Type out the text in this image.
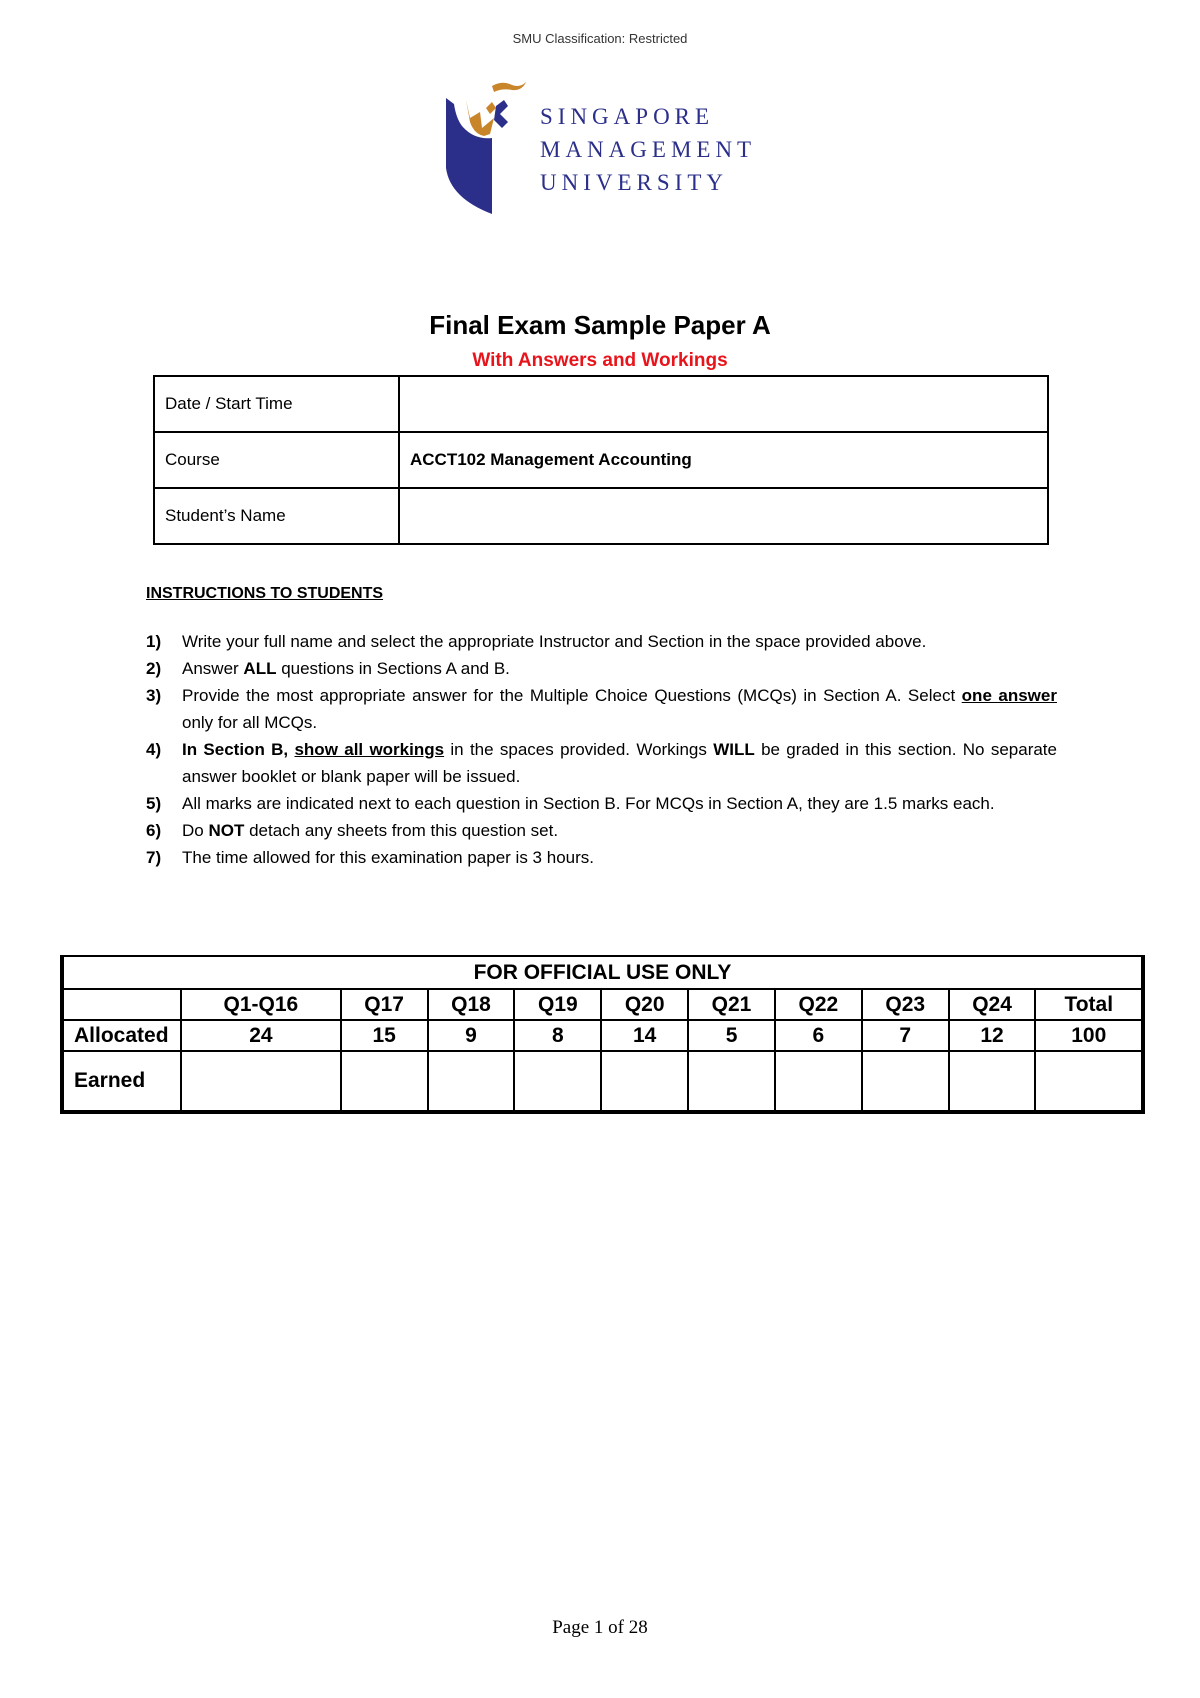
SMU Classification: Restricted
SINGAPORE
MANAGEMENT
UNIVERSITY
Final Exam Sample Paper A
With Answers and Workings
Date / Start Time	
Course	ACCT102 Management Accounting
Student’s Name	
INSTRUCTIONS TO STUDENTS
1) Write your full name and select the appropriate Instructor and Section in the space provided above.
2) Answer ALL questions in Sections A and B.
3) Provide the most appropriate answer for the Multiple Choice Questions (MCQs) in Section A. Select one answer only for all MCQs.
4) In Section B, show all workings in the spaces provided. Workings WILL be graded in this section. No separate answer booklet or blank paper will be issued.
5) All marks are indicated next to each question in Section B. For MCQs in Section A, they are 1.5 marks each.
6) Do NOT detach any sheets from this question set.
7) The time allowed for this examination paper is 3 hours.
FOR OFFICIAL USE ONLY										
	Q1-Q16	Q17	Q18	Q19	Q20	Q21	Q22	Q23	Q24	Total
Allocated	24	15	9	8	14	5	6	7	12	100
Earned										
Page 1 of 28
